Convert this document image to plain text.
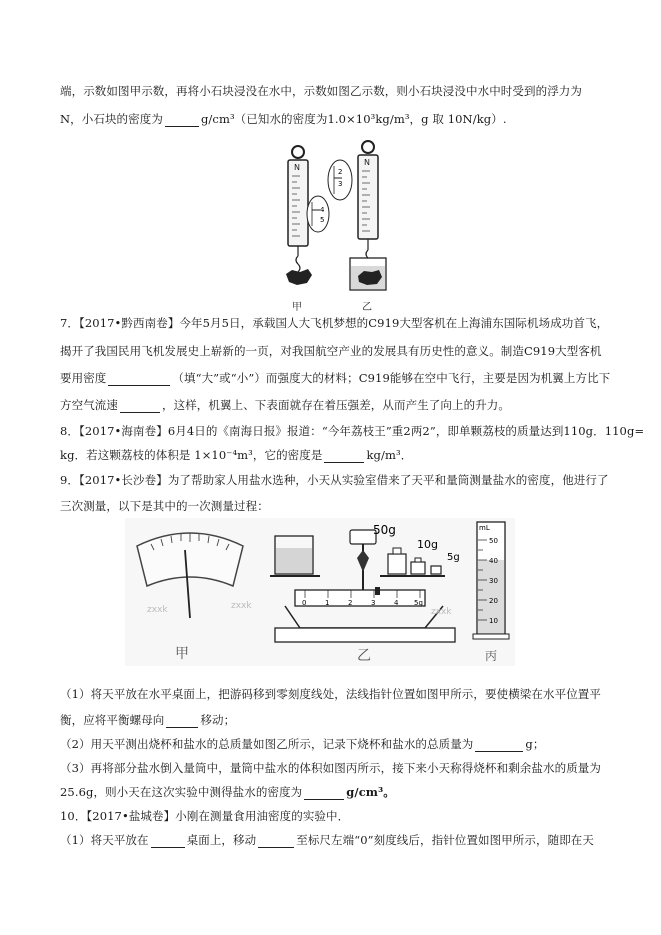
端，示数如图甲示数，再将小石块浸没在水中，示数如图乙示数，则小石块浸没中水中时受到的浮力为
N，小石块的密度为	g/cm³（已知水的密度为1.0×10³kg/m³，g 取 10N/kg）.
N
4
5
N
2
3
甲	乙
7．【2017•黔西南卷】今年5月5日，承载国人大飞机梦想的C919大型客机在上海浦东国际机场成功首飞，
揭开了我国民用飞机发展史上崭新的一页，对我国航空产业的发展具有历史性的意义。制造C919大型客机
要用密度	（填“大”或“小”）而强度大的材料；C919能够在空中飞行，主要是因为机翼上方比下
方空气流速	，这样，机翼上、下表面就存在着压强差，从而产生了向上的升力。
8．【2017•海南卷】6月4日的《南海日报》报道：“今年荔枝王”重2两2”，即单颗荔枝的质量达到110g．110g=
kg．若这颗荔枝的体积是 1×10⁻⁴m³，它的密度是	kg/m³．
9．【2017•长沙卷】为了帮助家人用盐水选种，小天从实验室借来了天平和量筒测量盐水的密度，他进行了
三次测量，以下是其中的一次测量过程：
zxxk	zxxk
50g
10g
5g
0	1	2	3	4 5g
zxxk
mL
50
40
30
20
10
甲	乙	丙
（1）将天平放在水平桌面上，把游码移到零刻度线处，法线指针位置如图甲所示，要使横梁在水平位置平
衡，应将平衡螺母向	移动；
（2）用天平测出烧杯和盐水的总质量如图乙所示，记录下烧杯和盐水的总质量为	g；
（3）再将部分盐水倒入量筒中，量筒中盐水的体积如图丙所示，接下来小天称得烧杯和剩余盐水的质量为
25.6g，则小天在这次实验中测得盐水的密度为	g/cm³。
10．【2017•盐城卷】小刚在测量食用油密度的实验中．
（1）将天平放在	桌面上，移动	至标尺左端“0”刻度线后，指针位置如图甲所示，随即在天
